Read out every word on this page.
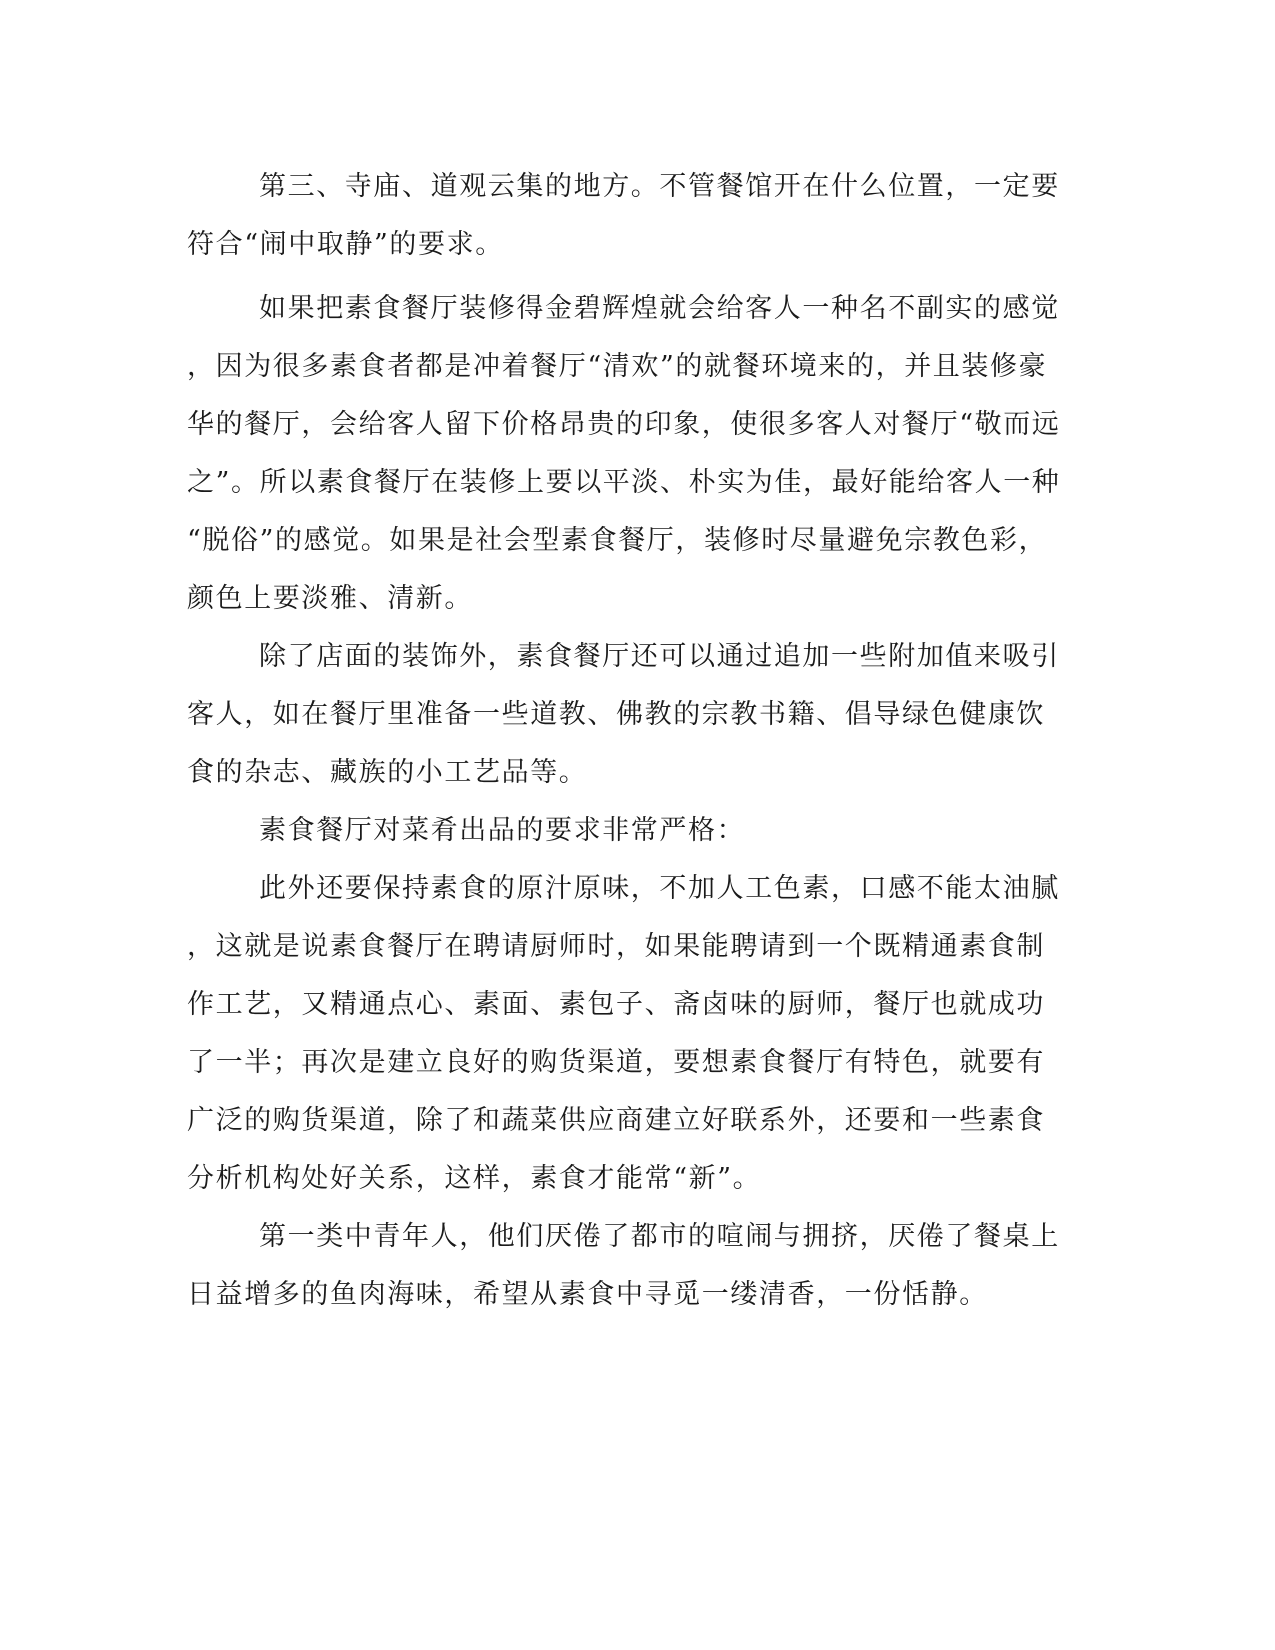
第三、寺庙、道观云集的地方。不管餐馆开在什么位置，一定要

符合“闹中取静”的要求。

如果把素食餐厅装修得金碧辉煌就会给客人一种名不副实的感觉

，因为很多素食者都是冲着餐厅“清欢”的就餐环境来的，并且装修豪

华的餐厅，会给客人留下价格昂贵的印象，使很多客人对餐厅“敬而远

之”。所以素食餐厅在装修上要以平淡、朴实为佳，最好能给客人一种

“脱俗”的感觉。如果是社会型素食餐厅，装修时尽量避免宗教色彩，

颜色上要淡雅、清新。

除了店面的装饰外，素食餐厅还可以通过追加一些附加值来吸引

客人，如在餐厅里准备一些道教、佛教的宗教书籍、倡导绿色健康饮

食的杂志、藏族的小工艺品等。

素食餐厅对菜肴出品的要求非常严格：

此外还要保持素食的原汁原味，不加人工色素，口感不能太油腻

，这就是说素食餐厅在聘请厨师时，如果能聘请到一个既精通素食制

作工艺，又精通点心、素面、素包子、斋卤味的厨师，餐厅也就成功

了一半；再次是建立良好的购货渠道，要想素食餐厅有特色，就要有

广泛的购货渠道，除了和蔬菜供应商建立好联系外，还要和一些素食

分析机构处好关系，这样，素食才能常“新”。

第一类中青年人，他们厌倦了都市的喧闹与拥挤，厌倦了餐桌上

日益增多的鱼肉海味，希望从素食中寻觅一缕清香，一份恬静。
